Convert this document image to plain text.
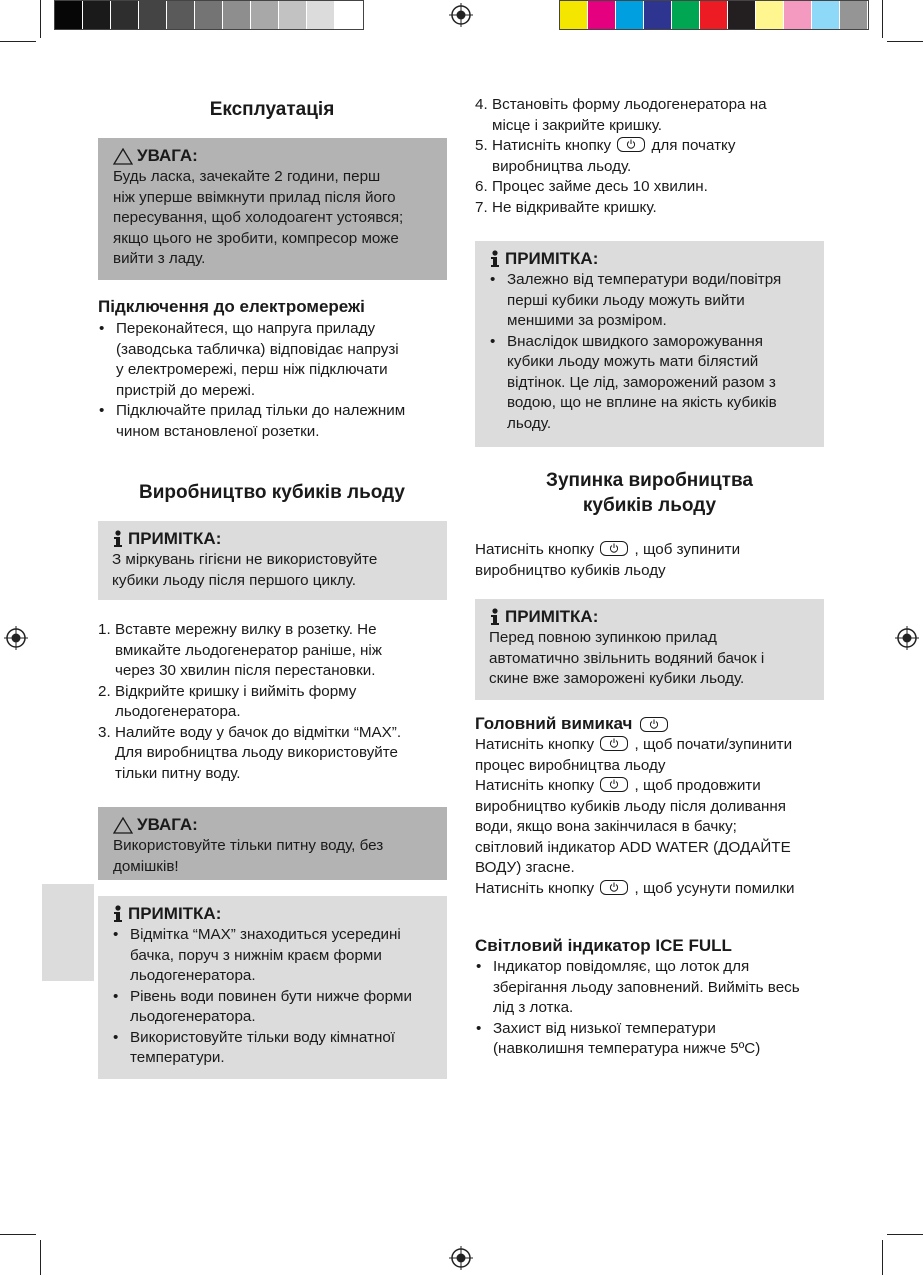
Експлуатація
УВАГА:
Будь ласка, зачекайте 2 години, перш
ніж уперше ввімкнути прилад після його
пересування, щоб холодоагент устоявся;
якщо цього не зробити, компресор може
вийти з ладу.
Підключення до електромережі
• Переконайтеся, що напруга приладу
(заводська табличка) відповідає напрузі
у електромережі, перш ніж підключати
пристрій до мережі.
• Підключайте прилад тільки до належним
чином встановленої розетки.
Виробництво кубиків льоду
ПРИМІТКА:
З міркувань гігієни не використовуйте
кубики льоду після першого циклу.
1. Вставте мережну вилку в розетку. Не
вмикайте льодогенератор раніше, ніж
через 30 хвилин після перестановки.
2. Відкрийте кришку і вийміть форму
льодогенератора.
3. Налийте воду у бачок до відмітки “MAX”.
Для виробництва льоду використовуйте
тільки питну воду.
УВАГА:
Використовуйте тільки питну воду, без
домішків!
ПРИМІТКА:
• Відмітка “MAX” знаходиться усередині
бачка, поруч з нижнім краєм форми
льодогенератора.
• Рівень води повинен бути нижче форми
льодогенератора.
• Використовуйте тільки воду кімнатної
температури.
4. Встановіть форму льодогенератора на
місце і закрийте кришку.
5. Натисніть кнопку	для початку
виробництва льоду.
6. Процес займе десь 10 хвилин.
7. Не відкривайте кришку.
ПРИМІТКА:
• Залежно від температури води/повітря
перші кубики льоду можуть вийти
меншими за розміром.
• Внаслідок швидкого заморожування
кубики льоду можуть мати білястий
відтінок. Це лід, заморожений разом з
водою, що не вплине на якість кубиків
льоду.
Зупинка виробництва
кубиків льоду
Натисніть кнопку	, щоб зупинити
виробництво кубиків льоду
ПРИМІТКА:
Перед повною зупинкою прилад
автоматично звільнить водяний бачок і
скине вже заморожені кубики льоду.
Головний вимикач
Натисніть кнопку	, щоб почати/зупинити
процес виробництва льоду
Натисніть кнопку	, щоб продовжити
виробництво кубиків льоду після доливання
води, якщо вона закінчилася в бачку;
світловий індикатор ADD WATER (ДОДАЙТЕ
ВОДУ) згасне.
Натисніть кнопку	, щоб усунути помилки
Світловий індикатор ICE FULL
• Індикатор повідомляє, що лоток для
зберігання льоду заповнений. Вийміть весь
лід з лотка.
• Захист від низької температури
(навколишня температура нижче 5ºC)
